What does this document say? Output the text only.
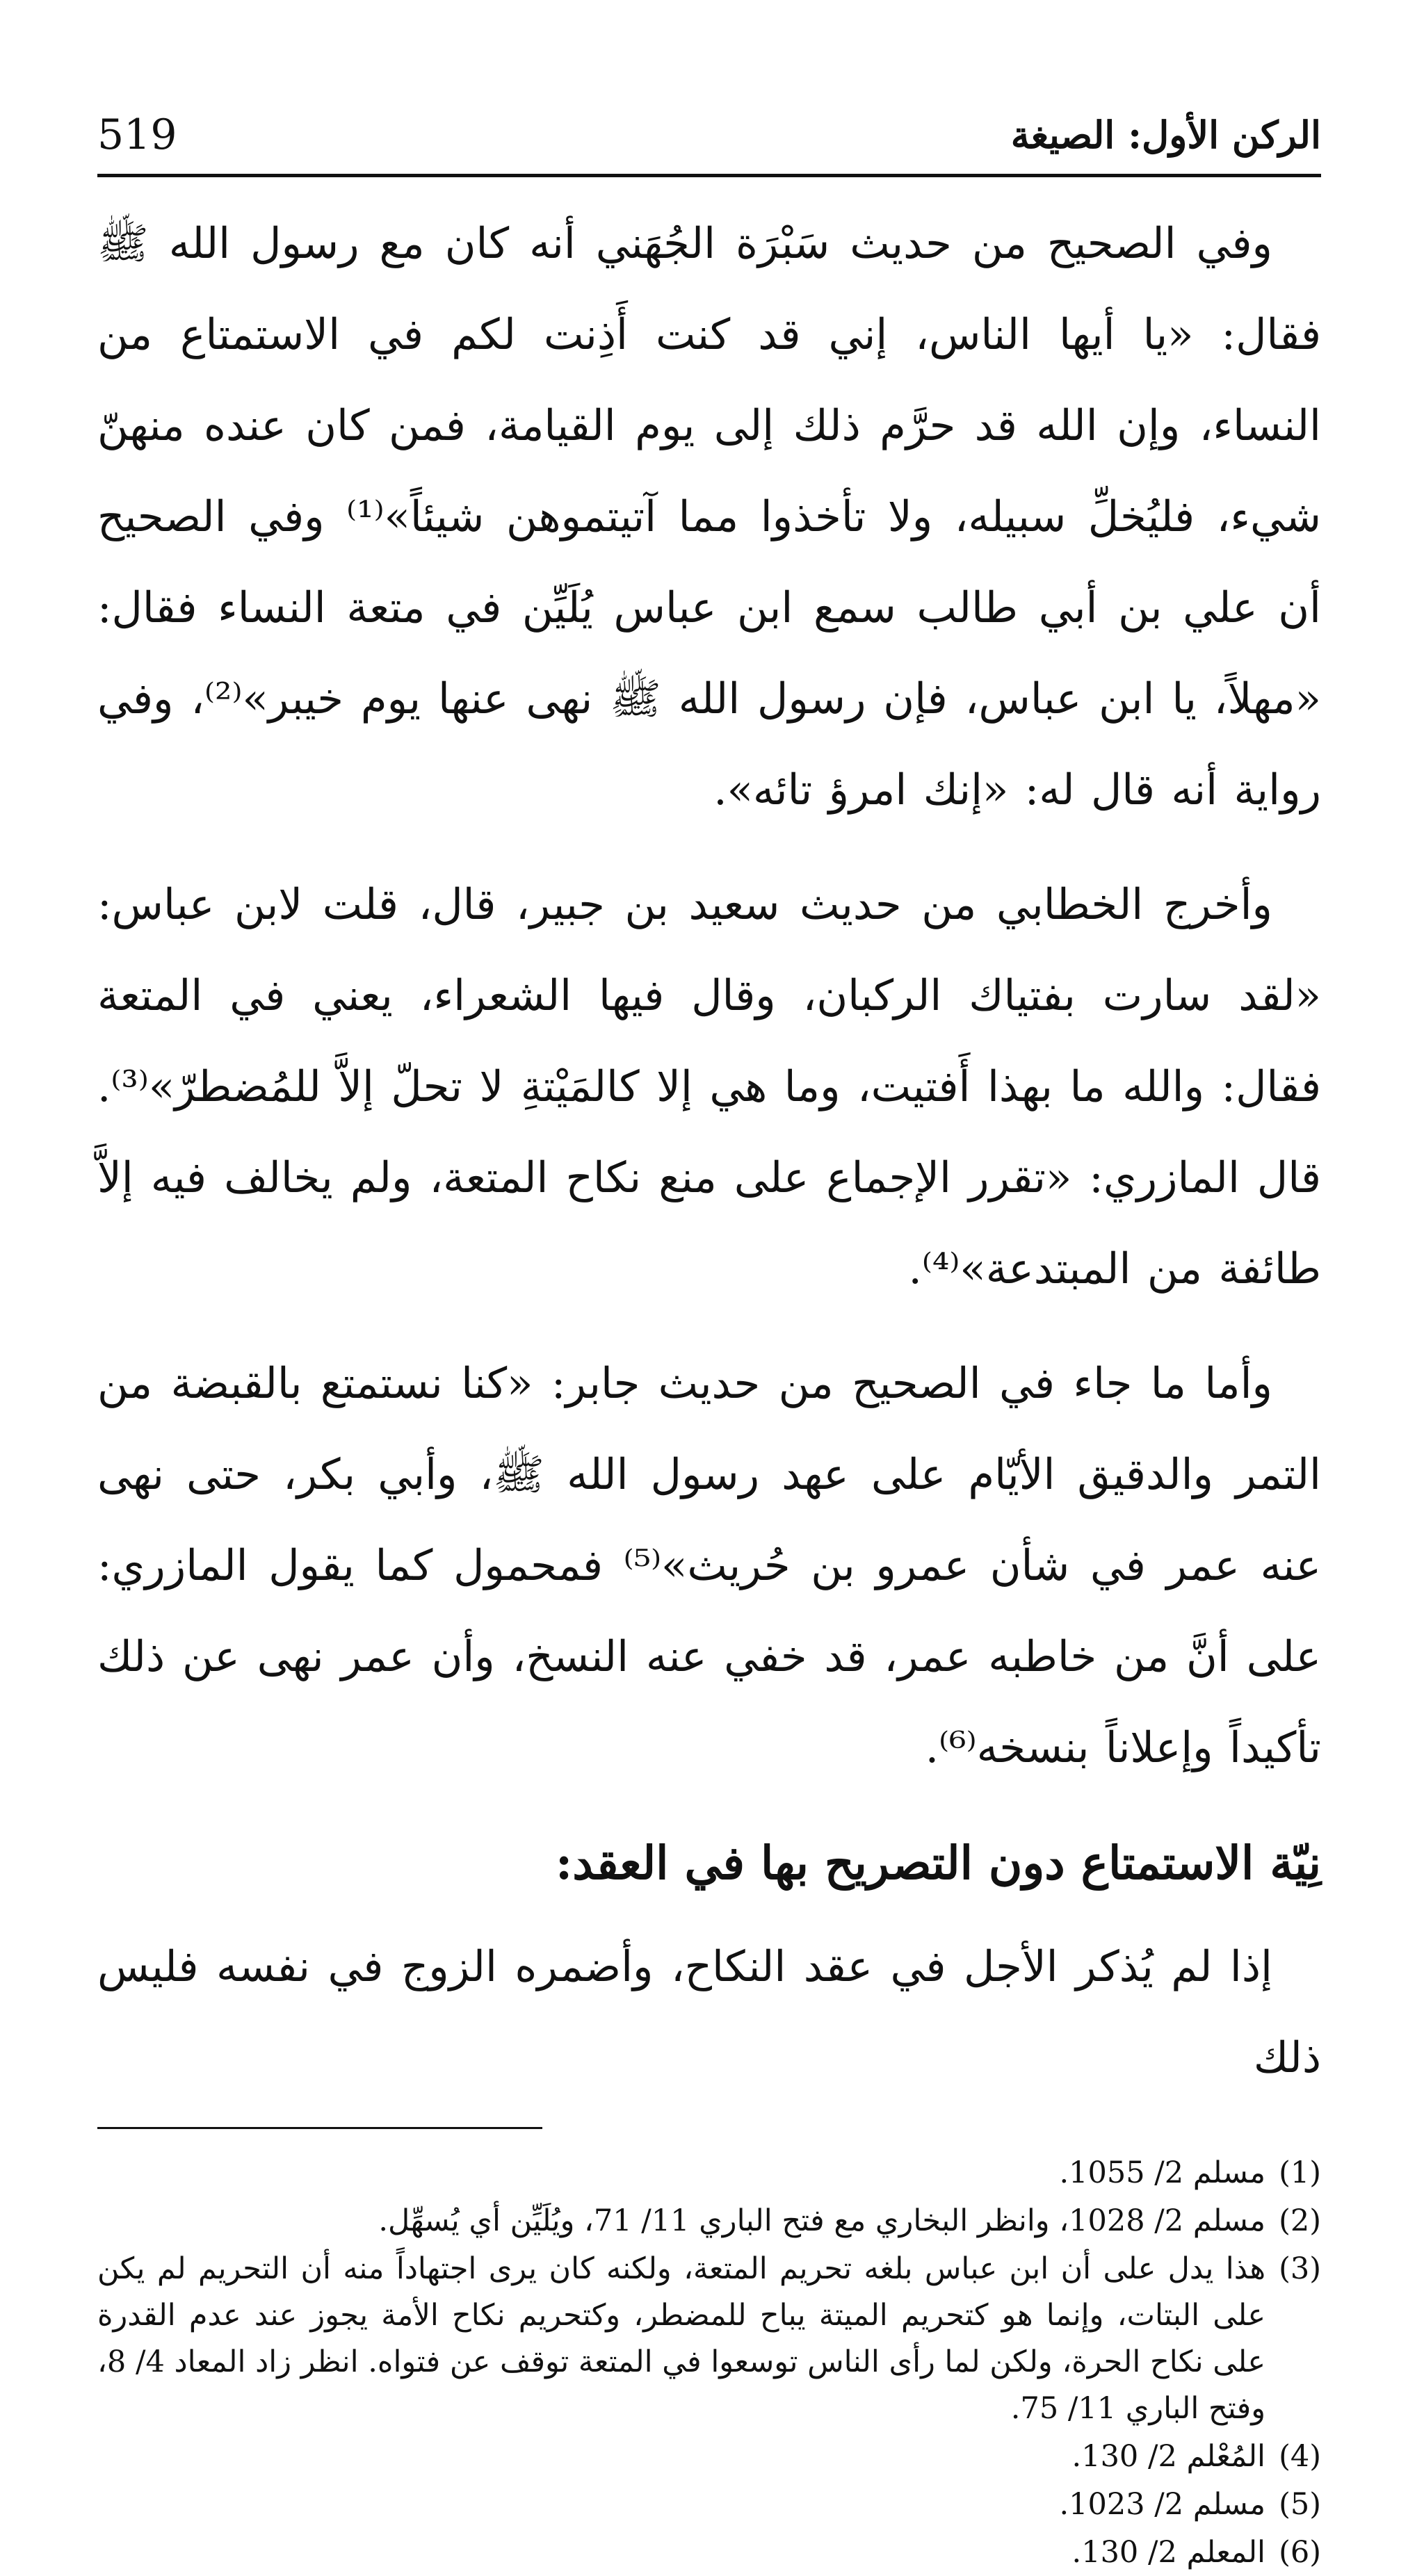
الركن الأول: الصيغة
519

وفي الصحيح من حديث سَبْرَة الجُهَني أنه كان مع رسول الله ﷺ فقال: «يا أيها الناس، إني قد كنت أَذِنت لكم في الاستمتاع من النساء، وإن الله قد حرَّم ذلك إلى يوم القيامة، فمن كان عنده منهنّ شيء، فليُخلِّ سبيله، ولا تأخذوا مما آتيتموهن شيئاً»⁽¹⁾ وفي الصحيح أن علي بن أبي طالب سمع ابن عباس يُلَيِّن في متعة النساء فقال: «مهلاً، يا ابن عباس، فإن رسول الله ﷺ نهى عنها يوم خيبر»⁽²⁾، وفي رواية أنه قال له: «إنك امرؤ تائه».

وأخرج الخطابي من حديث سعيد بن جبير، قال، قلت لابن عباس: «لقد سارت بفتياك الركبان، وقال فيها الشعراء، يعني في المتعة فقال: والله ما بهذا أَفتيت، وما هي إلا كالمَيْتةِ لا تحلّ إلاَّ للمُضطرّ»⁽³⁾. قال المازري: «تقرر الإجماع على منع نكاح المتعة، ولم يخالف فيه إلاَّ طائفة من المبتدعة»⁽⁴⁾.

وأما ما جاء في الصحيح من حديث جابر: «كنا نستمتع بالقبضة من التمر والدقيق الأيّام على عهد رسول الله ﷺ، وأبي بكر، حتى نهى عنه عمر في شأن عمرو بن حُريث»⁽⁵⁾ فمحمول كما يقول المازري: على أنَّ من خاطبه عمر، قد خفي عنه النسخ، وأن عمر نهى عن ذلك تأكيداً وإعلاناً بنسخه⁽⁶⁾.

نِيّة الاستمتاع دون التصريح بها في العقد:

إذا لم يُذكر الأجل في عقد النكاح، وأضمره الزوج في نفسه فليس ذلك

(1)
مسلم 2/ 1055.
(2)
مسلم 2/ 1028، وانظر البخاري مع فتح الباري 11/ 71، ويُلَيِّن أي يُسهِّل.
(3)
هذا يدل على أن ابن عباس بلغه تحريم المتعة، ولكنه كان يرى اجتهاداً منه أن التحريم لم يكن على البتات، وإنما هو كتحريم الميتة يباح للمضطر، وكتحريم نكاح الأمة يجوز عند عدم القدرة على نكاح الحرة، ولكن لما رأى الناس توسعوا في المتعة توقف عن فتواه. انظر زاد المعاد 4/ 8، وفتح الباري 11/ 75.
(4)
المُعْلم 2/ 130.
(5)
مسلم 2/ 1023.
(6)
المعلم 2/ 130.
